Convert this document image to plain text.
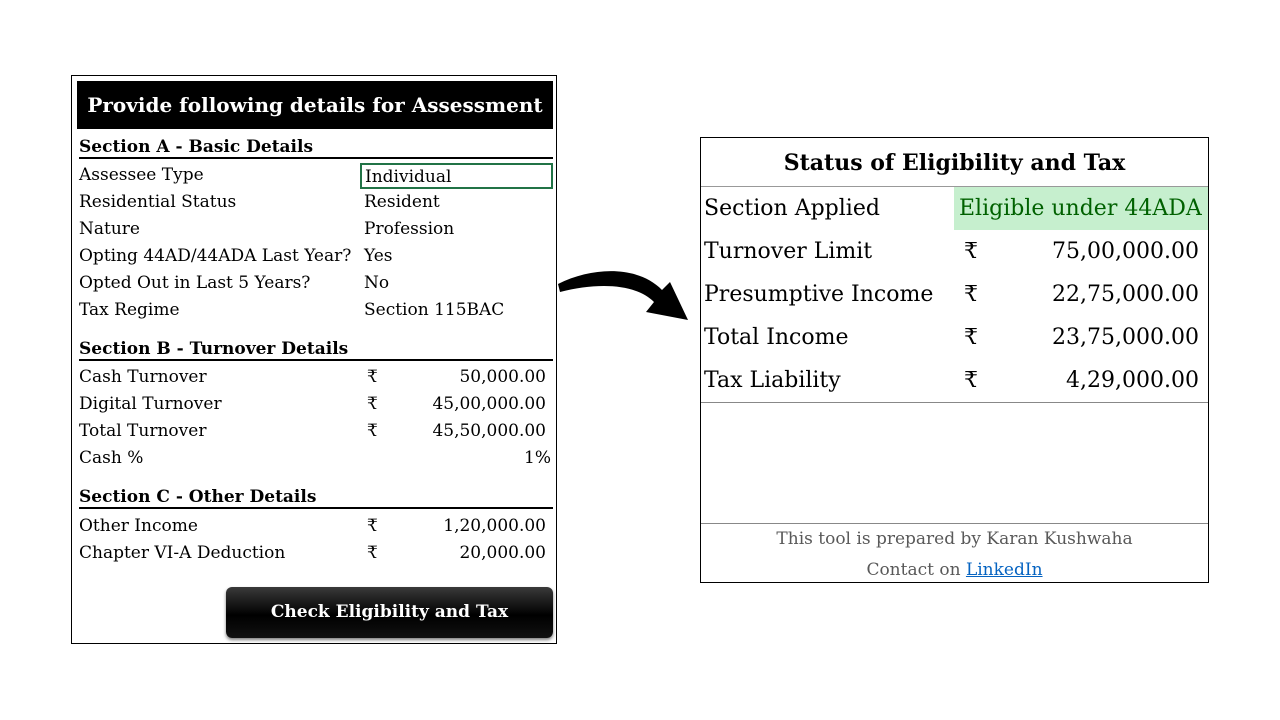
Provide following details for Assessment
Section A - Basic Details
Assessee Type	Individual
Residential Status	Resident
Nature	Profession
Opting 44AD/44ADA Last Year? Yes
Opted Out in Last 5 Years?	No
Tax Regime	Section 115BAC
Section B - Turnover Details
Cash Turnover	₹	50,000.00
Digital Turnover	₹	45,00,000.00
Total Turnover	₹	45,50,000.00
Cash %	1%
Section C - Other Details
Other Income	₹	1,20,000.00
Chapter VI-A Deduction	₹	20,000.00
Check Eligibility and Tax
Status of Eligibility and Tax
Section Applied	Eligible under 44ADA
Turnover Limit	₹	75,00,000.00
Presumptive Income ₹	22,75,000.00
Total Income	₹	23,75,000.00
Tax Liability	₹	4,29,000.00
This tool is prepared by Karan Kushwaha
Contact on LinkedIn
